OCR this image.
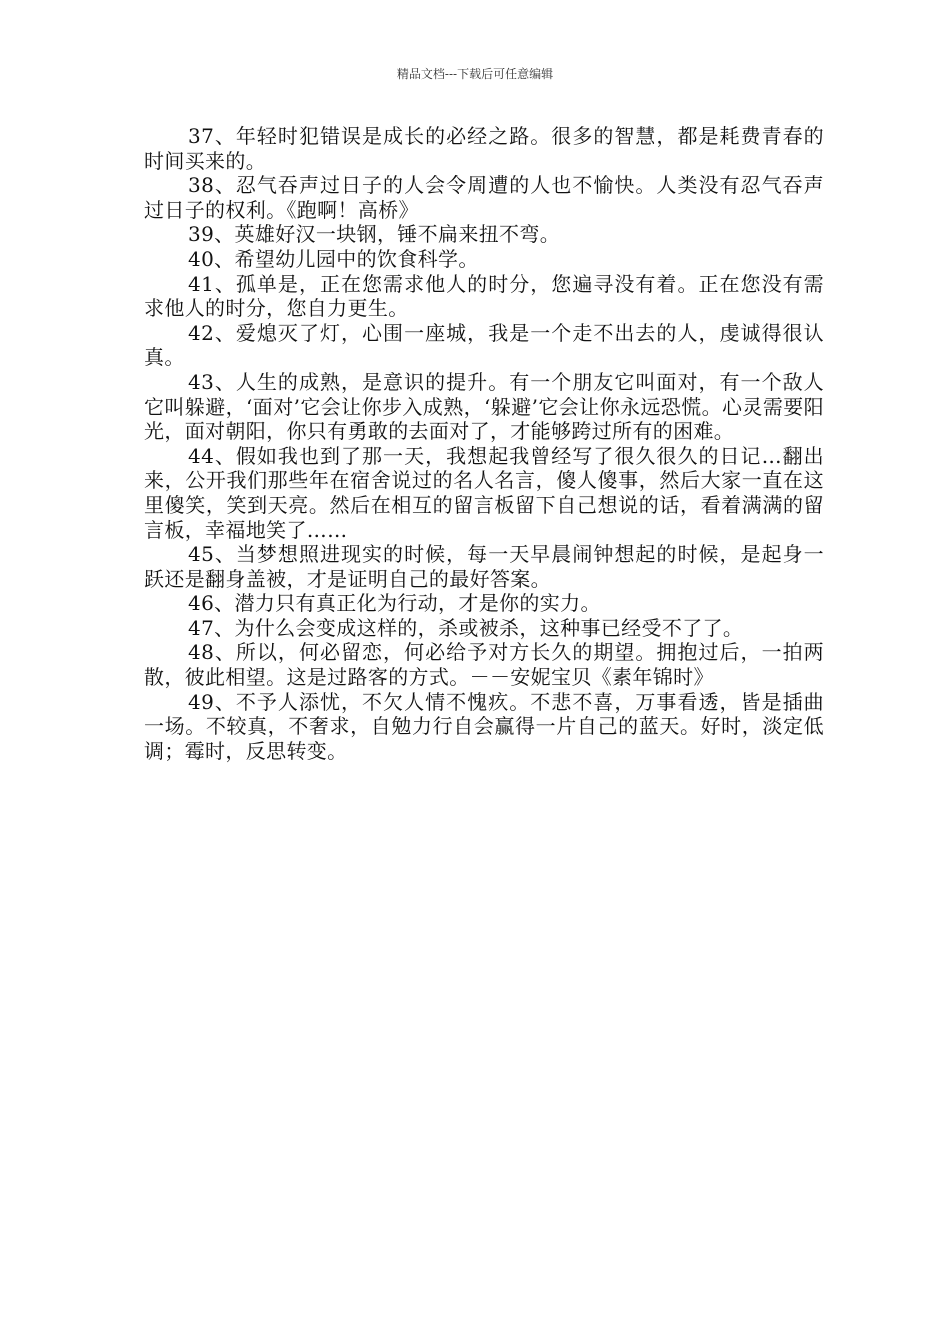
精品文档---下载后可任意编辑

37、年轻时犯错误是成长的必经之路。很多的智慧，都是耗费青春的时间买来的。

38、忍气吞声过日子的人会令周遭的人也不愉快。人类没有忍气吞声过日子的权利。《跑啊！高桥》

39、英雄好汉一块钢，锤不扁来扭不弯。

40、希望幼儿园中的饮食科学。

41、孤单是，正在您需求他人的时分，您遍寻没有着。正在您没有需求他人的时分，您自力更生。

42、爱熄灭了灯，心围一座城，我是一个走不出去的人，虔诚得很认真。

43、人生的成熟，是意识的提升。有一个朋友它叫面对，有一个敌人它叫躲避，‘面对’它会让你步入成熟，‘躲避’它会让你永远恐慌。心灵需要阳光，面对朝阳，你只有勇敢的去面对了，才能够跨过所有的困难。

44、假如我也到了那一天，我想起我曾经写了很久很久的日记…翻出来，公开我们那些年在宿舍说过的名人名言，傻人傻事，然后大家一直在这里傻笑，笑到天亮。然后在相互的留言板留下自己想说的话，看着满满的留言板，幸福地笑了……

45、当梦想照进现实的时候，每一天早晨闹钟想起的时候，是起身一跃还是翻身盖被，才是证明自己的最好答案。

46、潜力只有真正化为行动，才是你的实力。

47、为什么会变成这样的，杀或被杀，这种事已经受不了了。

48、所以，何必留恋，何必给予对方长久的期望。拥抱过后，一拍两散，彼此相望。这是过路客的方式。－－安妮宝贝《素年锦时》

49、不予人添忧，不欠人情不愧疚。不悲不喜，万事看透，皆是插曲一场。不较真，不奢求，自勉力行自会赢得一片自己的蓝天。好时，淡定低调；霉时，反思转变。
